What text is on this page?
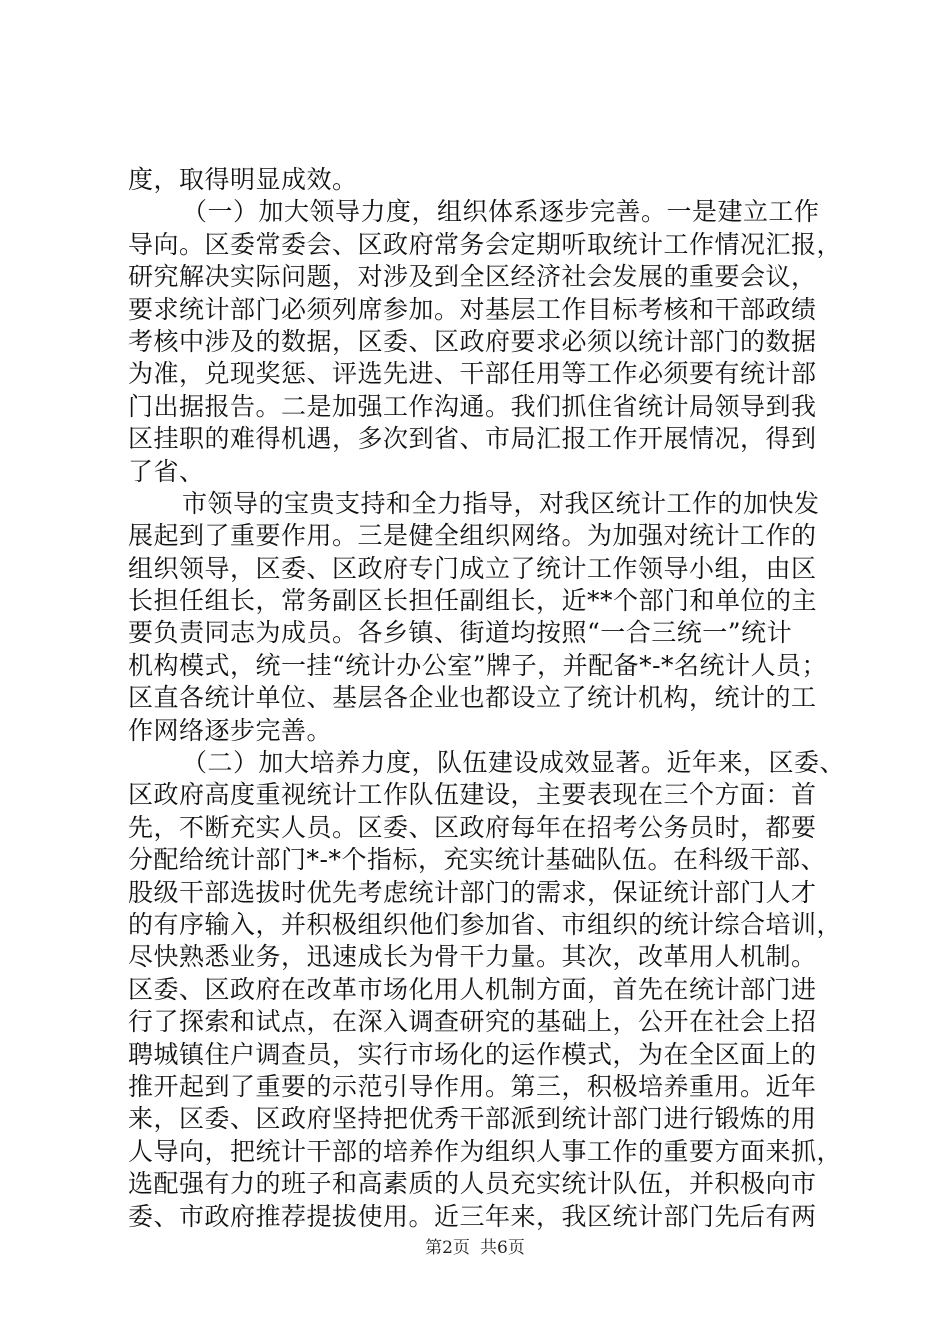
度，取得明显成效。
（一）加大领导力度，组织体系逐步完善。一是建立工作
导向。区委常委会、区政府常务会定期听取统计工作情况汇报，
研究解决实际问题，对涉及到全区经济社会发展的重要会议，
要求统计部门必须列席参加。对基层工作目标考核和干部政绩
考核中涉及的数据，区委、区政府要求必须以统计部门的数据
为准，兑现奖惩、评选先进、干部任用等工作必须要有统计部
门出据报告。二是加强工作沟通。我们抓住省统计局领导到我
区挂职的难得机遇，多次到省、市局汇报工作开展情况，得到
了省、
市领导的宝贵支持和全力指导，对我区统计工作的加快发
展起到了重要作用。三是健全组织网络。为加强对统计工作的
组织领导，区委、区政府专门成立了统计工作领导小组，由区
长担任组长，常务副区长担任副组长，近**个部门和单位的主
要负责同志为成员。各乡镇、街道均按照“一合三统一”统计
机构模式，统一挂“统计办公室”牌子，并配备*-*名统计人员；
区直各统计单位、基层各企业也都设立了统计机构，统计的工
作网络逐步完善。
（二）加大培养力度，队伍建设成效显著。近年来，区委、
区政府高度重视统计工作队伍建设，主要表现在三个方面：首
先，不断充实人员。区委、区政府每年在招考公务员时，都要
分配给统计部门*-*个指标，充实统计基础队伍。在科级干部、
股级干部选拔时优先考虑统计部门的需求，保证统计部门人才
的有序输入，并积极组织他们参加省、市组织的统计综合培训，
尽快熟悉业务，迅速成长为骨干力量。其次，改革用人机制。
区委、区政府在改革市场化用人机制方面，首先在统计部门进
行了探索和试点，在深入调查研究的基础上，公开在社会上招
聘城镇住户调查员，实行市场化的运作模式，为在全区面上的
推开起到了重要的示范引导作用。第三，积极培养重用。近年
来，区委、区政府坚持把优秀干部派到统计部门进行锻炼的用
人导向，把统计干部的培养作为组织人事工作的重要方面来抓，
选配强有力的班子和高素质的人员充实统计队伍，并积极向市
委、市政府推荐提拔使用。近三年来，我区统计部门先后有两
第2页 共6页
